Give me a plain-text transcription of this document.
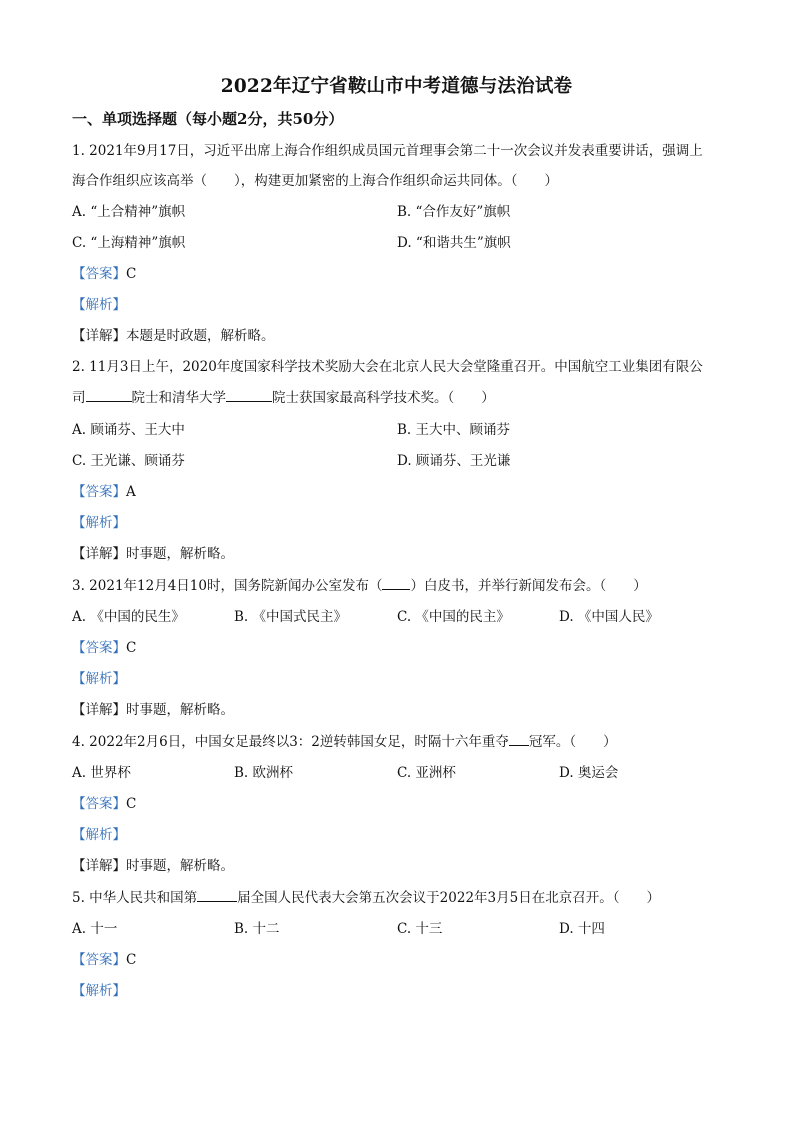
2022年辽宁省鞍山市中考道德与法治试卷
一、单项选择题（每小题2分，共50分）
1. 2021年9月17日，习近平出席上海合作组织成员国元首理事会第二十一次会议并发表重要讲话，强调上
海合作组织应该高举（　　），构建更加紧密的上海合作组织命运共同体。（　　）
A. “上合精神”旗帜	B. “合作友好”旗帜
C. “上海精神”旗帜	D. “和谐共生”旗帜
【答案】C
【解析】
【详解】本题是时政题，解析略。
2. 11月3日上午，2020年度国家科学技术奖励大会在北京人民大会堂隆重召开。中国航空工业集团有限公
司	院士和清华大学	院士获国家最高科学技术奖。（　　）
A. 顾诵芬、王大中	B. 王大中、顾诵芬
C. 王光谦、顾诵芬	D. 顾诵芬、王光谦
【答案】A
【解析】
【详解】时事题，解析略。
3. 2021年12月4日10时，国务院新闻办公室发布（ ）白皮书，并举行新闻发布会。（　　）
A. 《中国的民生》	B. 《中国式民主》	C. 《中国的民主》	D. 《中国人民》
【答案】C
【解析】
【详解】时事题，解析略。
4. 2022年2月6日，中国女足最终以3：2逆转韩国女足，时隔十六年重夺 冠军。（　　）
A. 世界杯	B. 欧洲杯	C. 亚洲杯	D. 奥运会
【答案】C
【解析】
【详解】时事题，解析略。
5. 中华人民共和国第	届全国人民代表大会第五次会议于2022年3月5日在北京召开。（　　）
A. 十一	B. 十二	C. 十三	D. 十四
【答案】C
【解析】
